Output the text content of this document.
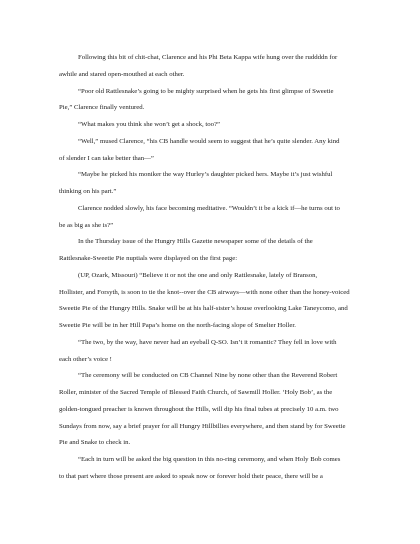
Following this bit of chit-chat, Clarence and his Phi Beta Kappa wife hung over the ruddddn for

awhile and stared open-mouthed at each other.

“Poor old Rattlesnake’s going to be mighty surprised when he gets his first glimpse of Sweetie

Pie,” Clarence finally ventured.

“What makes you think she won’t get a shock, too?”

“Well,” mused Clarence, “his CB handle would seem to suggest that he’s quite slender. Any kind

of slender I can take better than—”

“Maybe he picked his moniker the way Hurley’s daughter picked hers. Maybe it’s just wishful

thinking on his part.”

Clarence nodded slowly, his face becoming meditative. “Wouldn’t it be a kick if—he turns out to

be as big as she is?”

In the Thursday issue of the Hungry Hills Gazette newspaper some of the details of the

Rattlesnake-Sweetie Pie nuptials were displayed on the first page:

(UP, Ozark, Missouri) “Believe it or not the one and only Rattlesnake, lately of Branson,

Hollister, and Forsyth, is soon to tie the knot--over the CB airways—with none other than the honey-voiced

Sweetie Pie of the Hungry Hills. Snake will be at his half-sister’s house overlooking Lake Taneycomo, and

Sweetie Pie will be in her Hill Papa’s home on the north-facing slope of Smelter Holler.

“The two, by the way, have never had an eyeball Q-SO. Isn’t it romantic? They fell in love with

each other’s voice !

“The ceremony will be conducted on CB Channel Nine by none other than the Reverend Robert

Roller, minister of the Sacred Temple of Blessed Faith Church, of Sawmill Holler. ‘Holy Bob’, as the

golden-tongued preacher is known throughout the Hills, will dip his final tubes at precisely 10 a.m. two

Sundays from now, say a brief prayer for all Hungry Hillbillies everywhere, and then stand by for Sweetie

Pie and Snake to check in.

“Each in turn will be asked the big question in this no-ring ceremony, and when Holy Bob comes

to that part where those present are asked to speak now or forever hold their peace, there will be a
